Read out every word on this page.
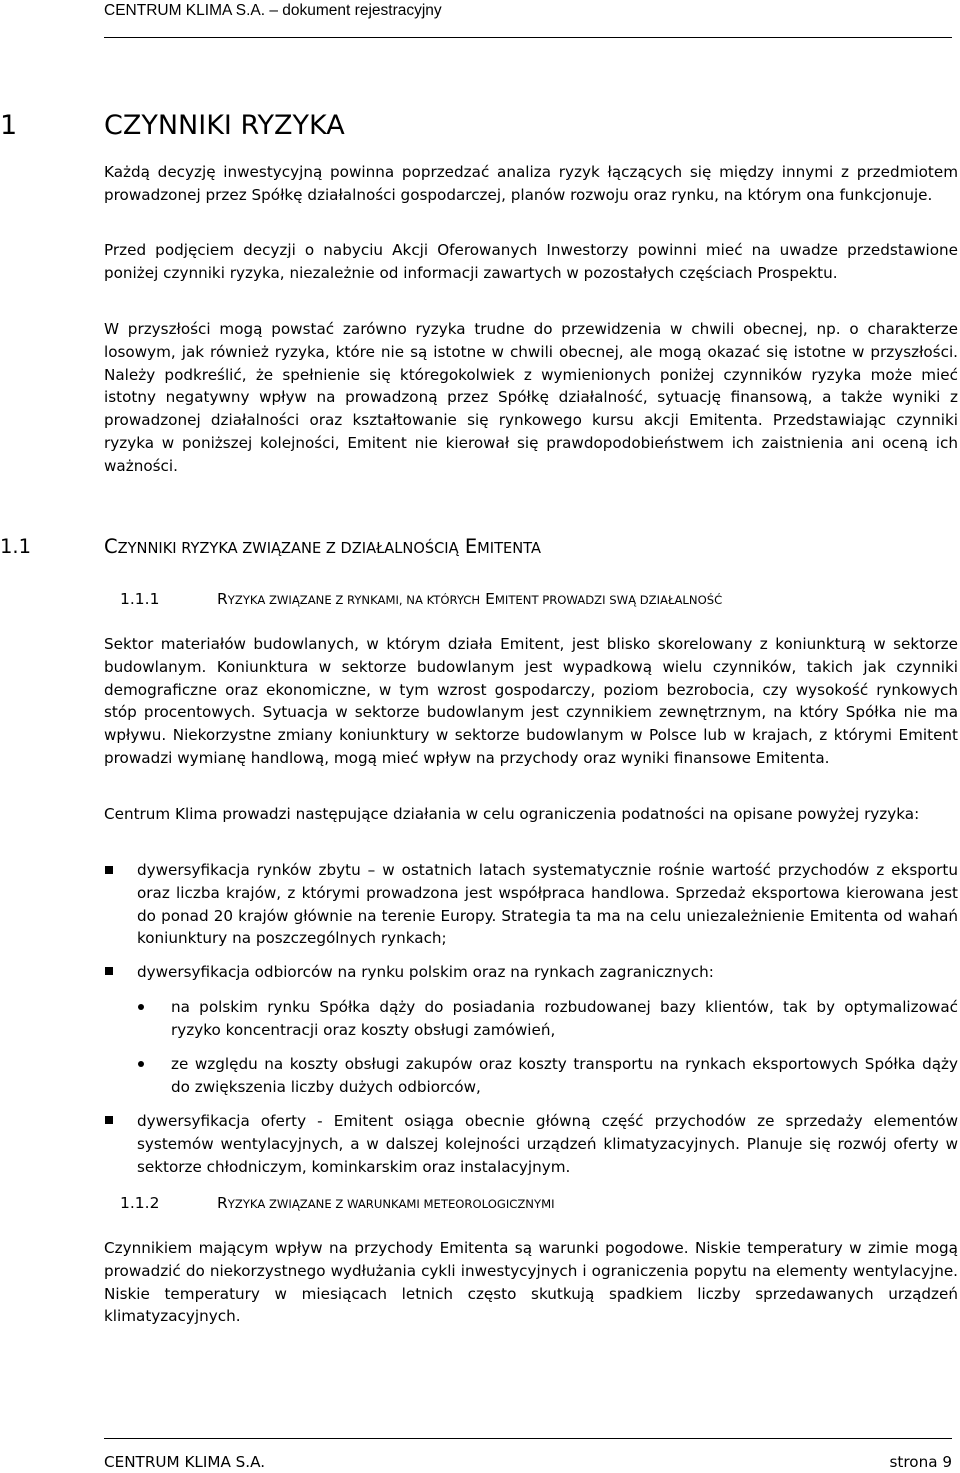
CENTRUM KLIMA S.A. – dokument rejestracyjny
1	CZYNNIKI RYZYKA

Każdą decyzję inwestycyjną powinna poprzedzać analiza ryzyk łączących się między innymi z przedmiotem prowadzonej przez Spółkę działalności gospodarczej, planów rozwoju oraz rynku, na którym ona funkcjonuje.

Przed podjęciem decyzji o nabyciu Akcji Oferowanych Inwestorzy powinni mieć na uwadze przedstawione poniżej czynniki ryzyka, niezależnie od informacji zawartych w pozostałych częściach Prospektu.

W przyszłości mogą powstać zarówno ryzyka trudne do przewidzenia w chwili obecnej, np. o charakterze losowym, jak również ryzyka, które nie są istotne w chwili obecnej, ale mogą okazać się istotne w przyszłości. Należy podkreślić, że spełnienie się któregokolwiek z wymienionych poniżej czynników ryzyka może mieć istotny negatywny wpływ na prowadzoną przez Spółkę działalność, sytuację finansową, a także wyniki z prowadzonej działalności oraz kształtowanie się rynkowego kursu akcji Emitenta. Przedstawiając czynniki ryzyka w poniższej kolejności, Emitent nie kierował się prawdopodobieństwem ich zaistnienia ani oceną ich ważności.

1.1	CZYNNIKI RYZYKA ZWIĄZANE Z DZIAŁALNOŚCIĄ EMITENTA
1.1.1	RYZYKA ZWIĄZANE Z RYNKAMI, NA KTÓRYCH EMITENT PROWADZI SWĄ DZIAŁALNOŚĆ

Sektor materiałów budowlanych, w którym działa Emitent, jest blisko skorelowany z koniunkturą w sektorze budowlanym. Koniunktura w sektorze budowlanym jest wypadkową wielu czynników, takich jak czynniki demograficzne oraz ekonomiczne, w tym wzrost gospodarczy, poziom bezrobocia, czy wysokość rynkowych stóp procentowych. Sytuacja w sektorze budowlanym jest czynnikiem zewnętrznym, na który Spółka nie ma wpływu. Niekorzystne zmiany koniunktury w sektorze budowlanym w Polsce lub w krajach, z którymi Emitent prowadzi wymianę handlową, mogą mieć wpływ na przychody oraz wyniki finansowe Emitenta.

Centrum Klima prowadzi następujące działania w celu ograniczenia podatności na opisane powyżej ryzyka:

dywersyfikacja rynków zbytu – w ostatnich latach systematycznie rośnie wartość przychodów z eksportu oraz liczba krajów, z którymi prowadzona jest współpraca handlowa. Sprzedaż eksportowa kierowana jest do ponad 20 krajów głównie na terenie Europy. Strategia ta ma na celu uniezależnienie Emitenta od wahań koniunktury na poszczególnych rynkach;

dywersyfikacja odbiorców na rynku polskim oraz na rynkach zagranicznych:

na polskim rynku Spółka dąży do posiadania rozbudowanej bazy klientów, tak by optymalizować ryzyko koncentracji oraz koszty obsługi zamówień,

ze względu na koszty obsługi zakupów oraz koszty transportu na rynkach eksportowych Spółka dąży do zwiększenia liczby dużych odbiorców,

dywersyfikacja oferty - Emitent osiąga obecnie główną część przychodów ze sprzedaży elementów systemów wentylacyjnych, a w dalszej kolejności urządzeń klimatyzacyjnych. Planuje się rozwój oferty w sektorze chłodniczym, kominkarskim oraz instalacyjnym.

1.1.2	RYZYKA ZWIĄZANE Z WARUNKAMI METEOROLOGICZNYMI

Czynnikiem mającym wpływ na przychody Emitenta są warunki pogodowe. Niskie temperatury w zimie mogą prowadzić do niekorzystnego wydłużania cykli inwestycyjnych i ograniczenia popytu na elementy wentylacyjne. Niskie temperatury w miesiącach letnich często skutkują spadkiem liczby sprzedawanych urządzeń klimatyzacyjnych.

CENTRUM KLIMA S.A.	strona 9
